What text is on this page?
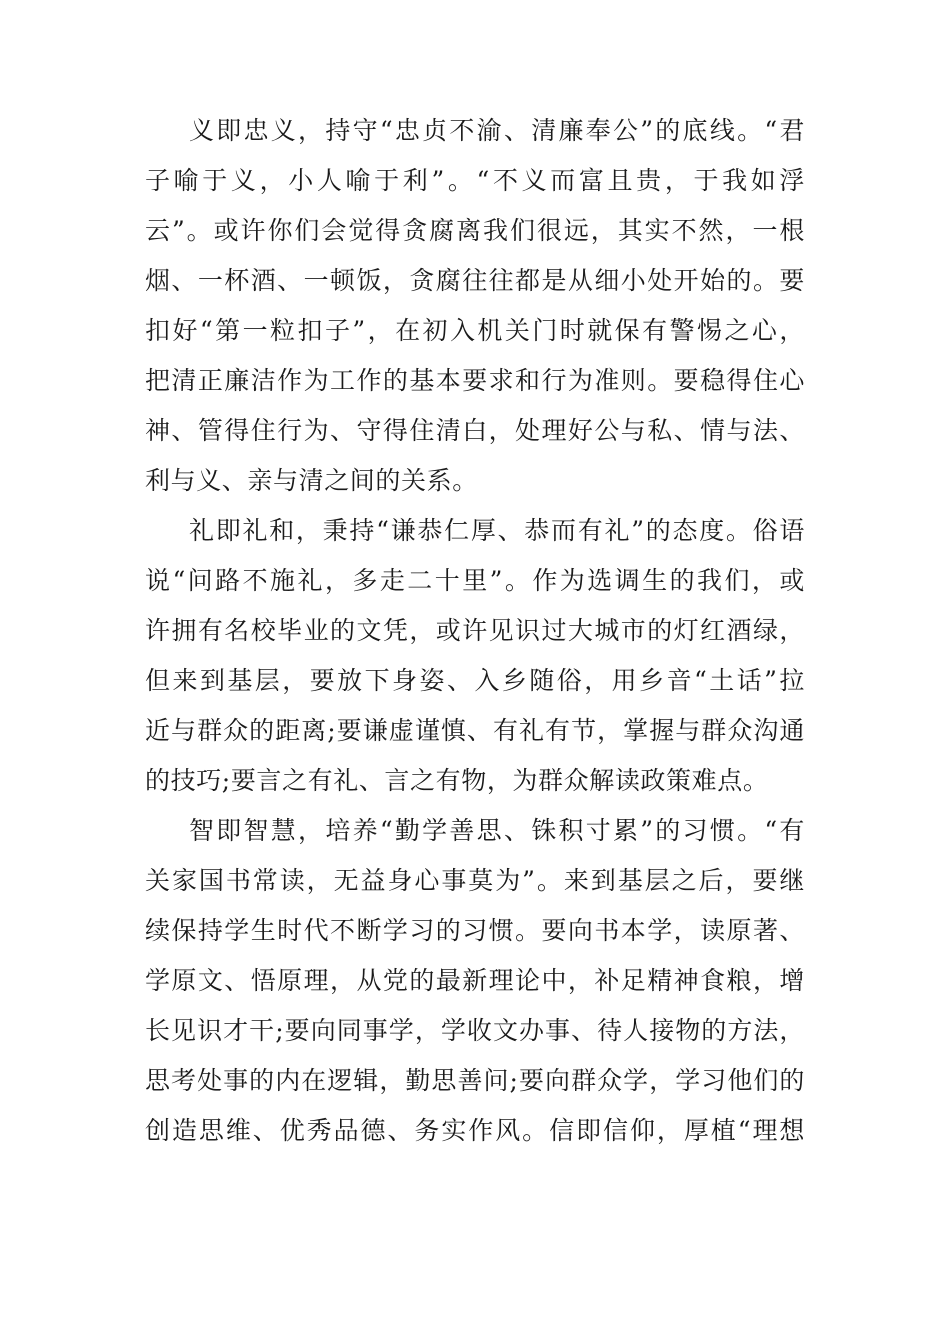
义即忠义，持守“忠贞不渝、清廉奉公”的底线。“君
子喻于义，小人喻于利”。“不义而富且贵，于我如浮
云”。或许你们会觉得贪腐离我们很远，其实不然，一根
烟、一杯酒、一顿饭，贪腐往往都是从细小处开始的。要
扣好“第一粒扣子”，在初入机关门时就保有警惕之心，
把清正廉洁作为工作的基本要求和行为准则。要稳得住心
神、管得住行为、守得住清白，处理好公与私、情与法、
利与义、亲与清之间的关系。
礼即礼和，秉持“谦恭仁厚、恭而有礼”的态度。俗语
说“问路不施礼，多走二十里”。作为选调生的我们，或
许拥有名校毕业的文凭，或许见识过大城市的灯红酒绿，
但来到基层，要放下身姿、入乡随俗，用乡音“土话”拉
近与群众的距离;要谦虚谨慎、有礼有节，掌握与群众沟通
的技巧;要言之有礼、言之有物，为群众解读政策难点。
智即智慧，培养“勤学善思、铢积寸累”的习惯。“有
关家国书常读，无益身心事莫为”。来到基层之后，要继
续保持学生时代不断学习的习惯。要向书本学，读原著、
学原文、悟原理，从党的最新理论中，补足精神食粮，增
长见识才干;要向同事学，学收文办事、待人接物的方法，
思考处事的内在逻辑，勤思善问;要向群众学，学习他们的
创造思维、优秀品德、务实作风。信即信仰，厚植“理想
